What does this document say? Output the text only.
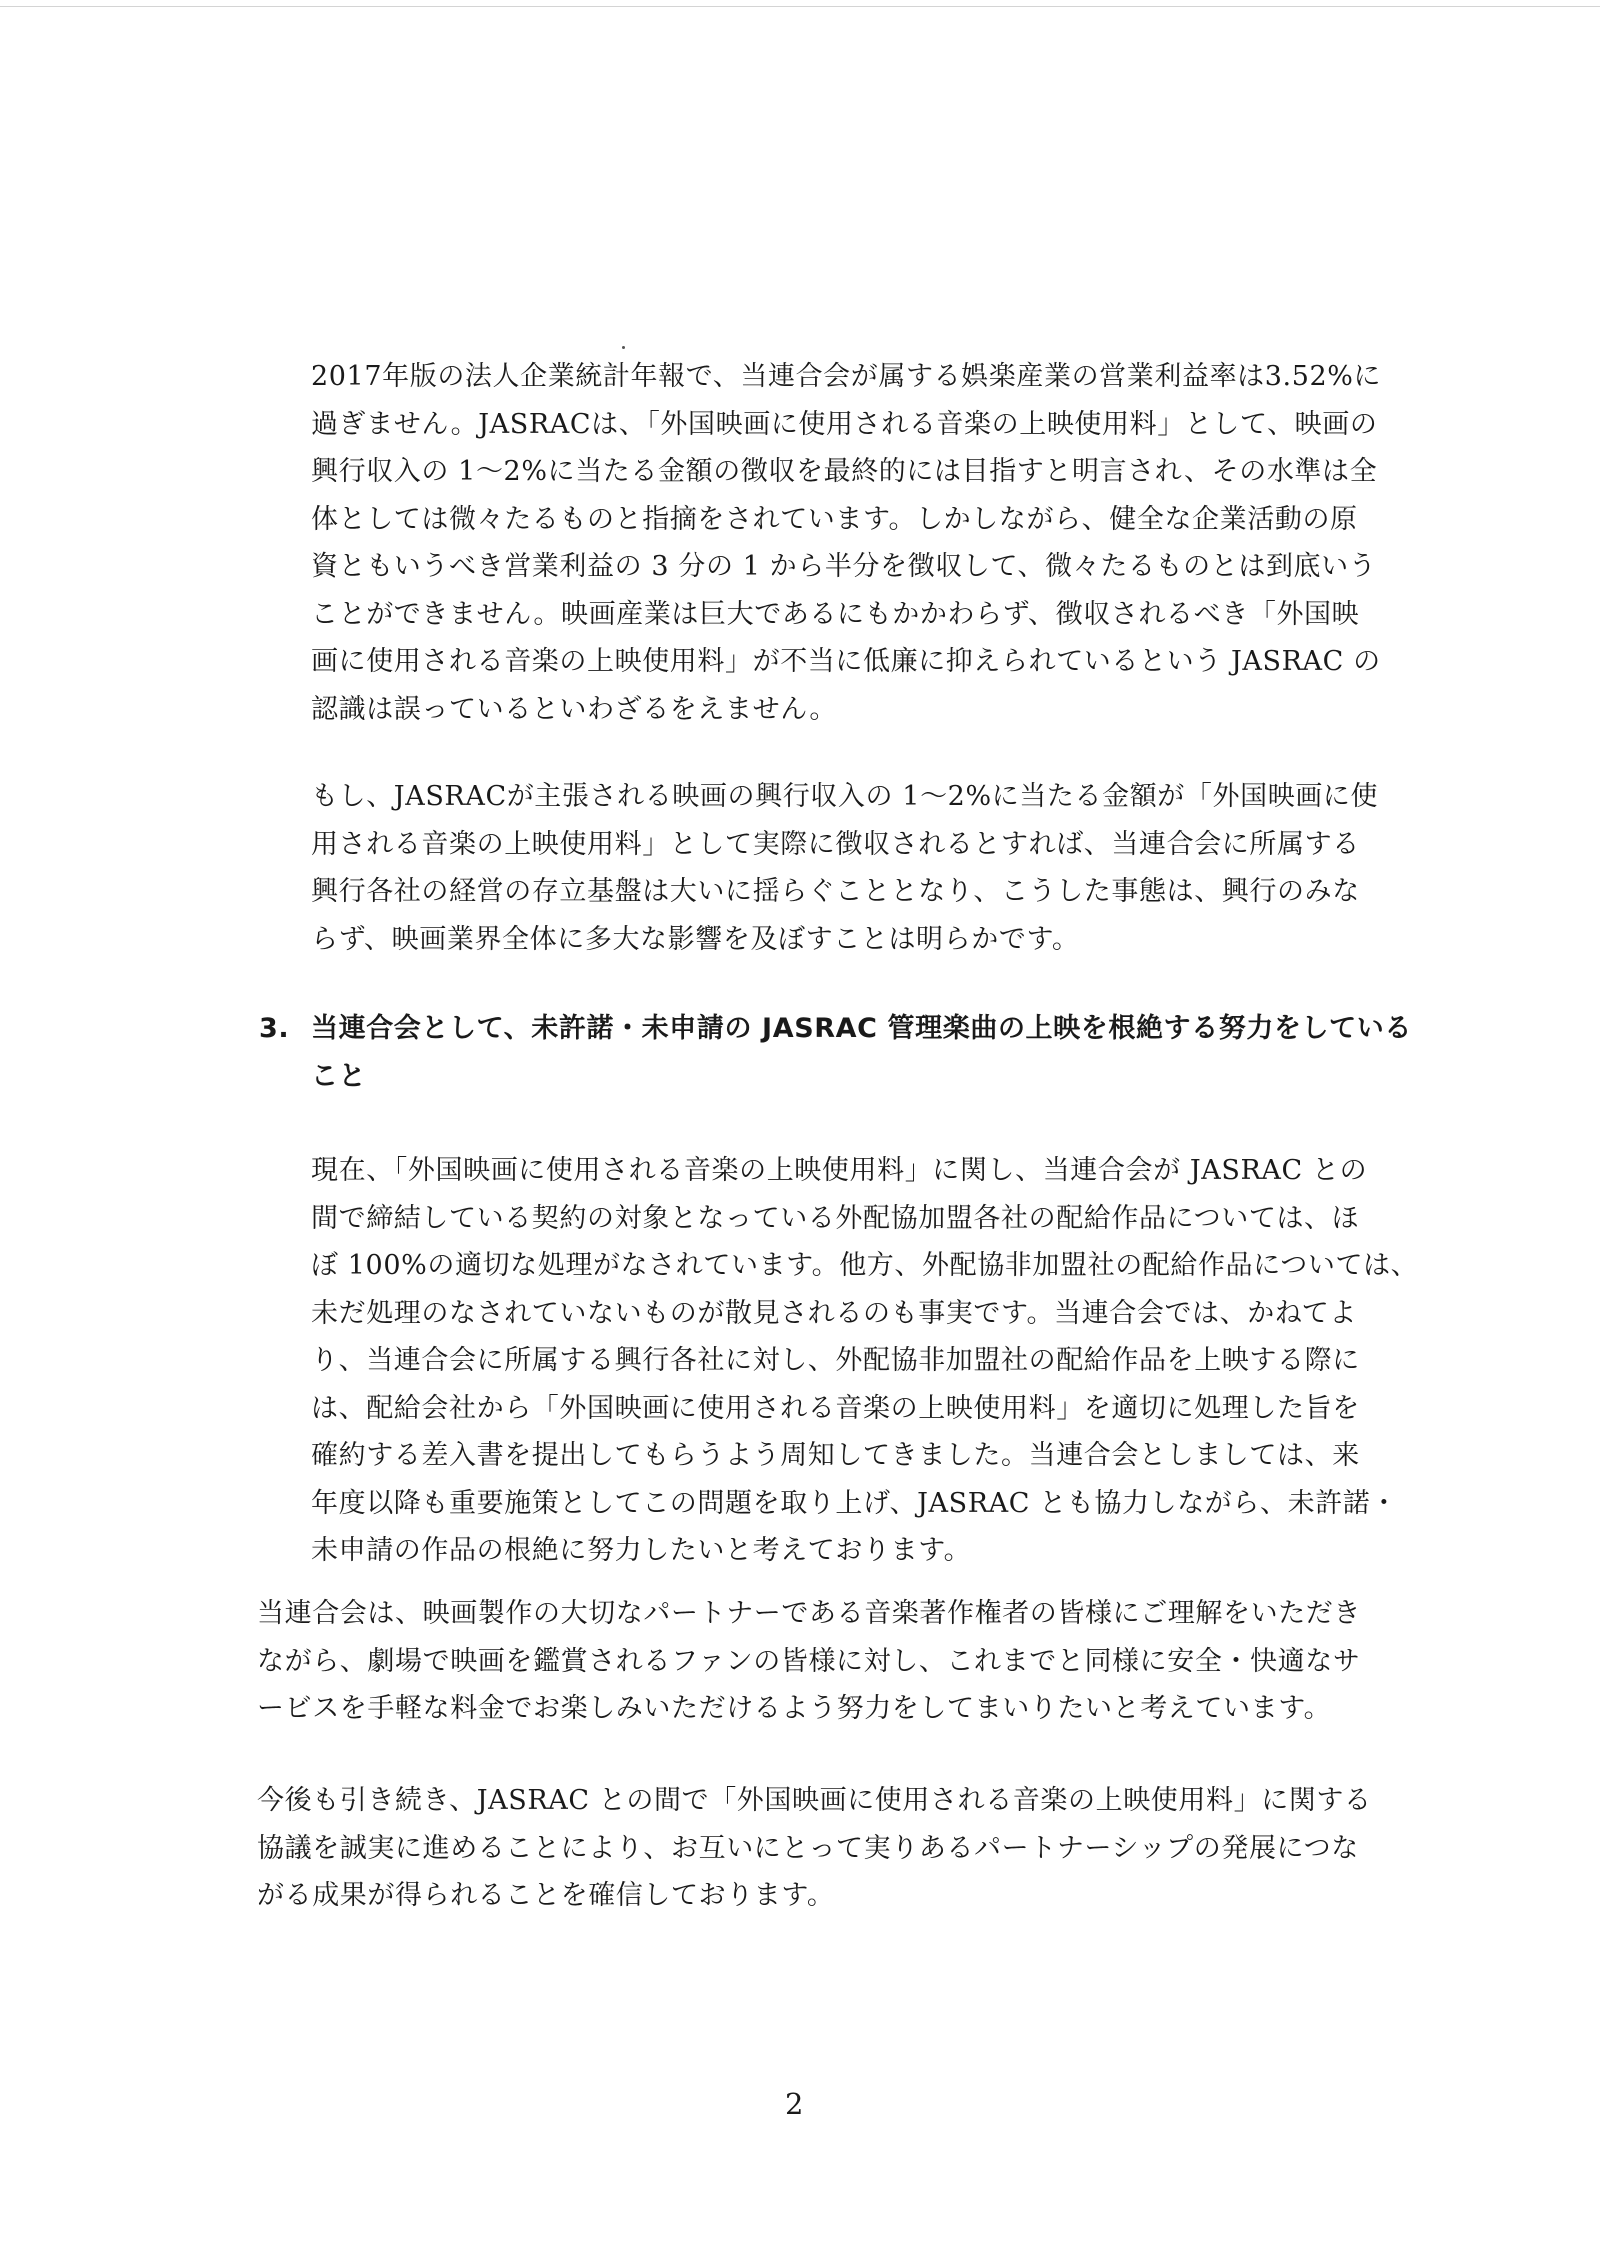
2017年版の法人企業統計年報で、当連合会が属する娯楽産業の営業利益率は3.52%に
過ぎません。JASRACは、「外国映画に使用される音楽の上映使用料」として、映画の
興行収入の 1〜2%に当たる金額の徴収を最終的には目指すと明言され、その水準は全
体としては微々たるものと指摘をされています。しかしながら、健全な企業活動の原
資ともいうべき営業利益の 3 分の 1 から半分を徴収して、微々たるものとは到底いう
ことができません。映画産業は巨大であるにもかかわらず、徴収されるべき「外国映
画に使用される音楽の上映使用料」が不当に低廉に抑えられているという JASRAC の
認識は誤っているといわざるをえません。
もし、JASRACが主張される映画の興行収入の 1〜2%に当たる金額が「外国映画に使
用される音楽の上映使用料」として実際に徴収されるとすれば、当連合会に所属する
興行各社の経営の存立基盤は大いに揺らぐこととなり、こうした事態は、興行のみな
らず、映画業界全体に多大な影響を及ぼすことは明らかです。
3. 当連合会として、未許諾・未申請の JASRAC 管理楽曲の上映を根絶する努力をしている
こと
現在、「外国映画に使用される音楽の上映使用料」に関し、当連合会が JASRAC との
間で締結している契約の対象となっている外配協加盟各社の配給作品については、ほ
ぼ 100%の適切な処理がなされています。他方、外配協非加盟社の配給作品については、
未だ処理のなされていないものが散見されるのも事実です。当連合会では、かねてよ
り、当連合会に所属する興行各社に対し、外配協非加盟社の配給作品を上映する際に
は、配給会社から「外国映画に使用される音楽の上映使用料」を適切に処理した旨を
確約する差入書を提出してもらうよう周知してきました。当連合会としましては、来
年度以降も重要施策としてこの問題を取り上げ、JASRAC とも協力しながら、未許諾・
未申請の作品の根絶に努力したいと考えております。
当連合会は、映画製作の大切なパートナーである音楽著作権者の皆様にご理解をいただき
ながら、劇場で映画を鑑賞されるファンの皆様に対し、これまでと同様に安全・快適なサ
ービスを手軽な料金でお楽しみいただけるよう努力をしてまいりたいと考えています。
今後も引き続き、JASRAC との間で「外国映画に使用される音楽の上映使用料」に関する
協議を誠実に進めることにより、お互いにとって実りあるパートナーシップの発展につな
がる成果が得られることを確信しております。
2
